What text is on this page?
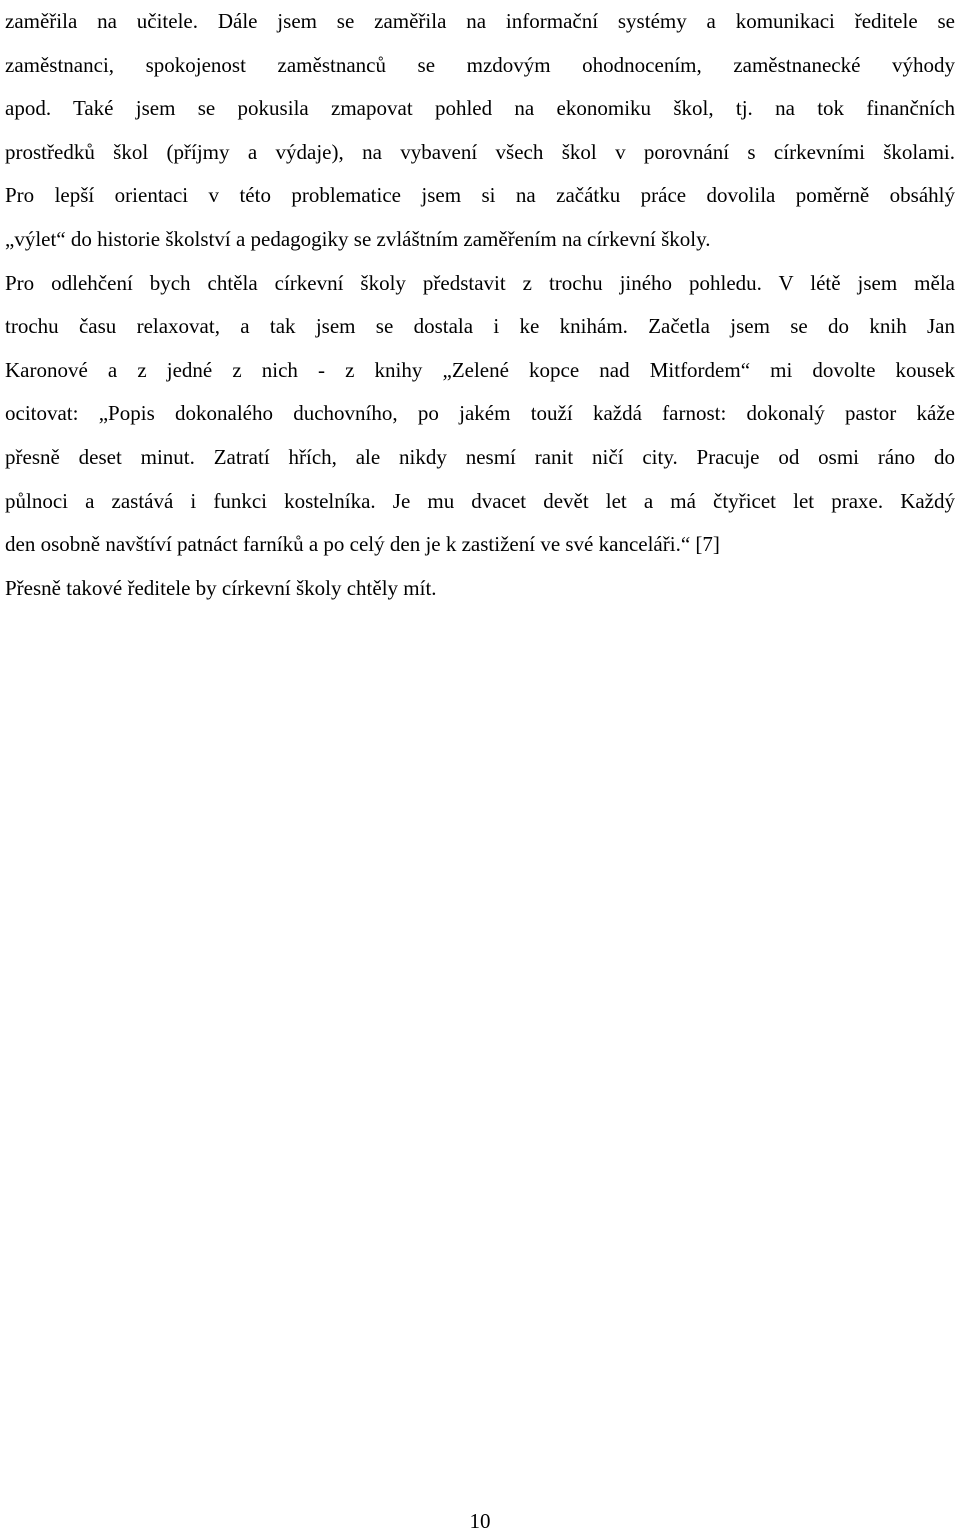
zaměřila na učitele. Dále jsem se zaměřila na informační systémy a komunikaci ředitele se
zaměstnanci, spokojenost zaměstnanců se mzdovým ohodnocením, zaměstnanecké výhody
apod. Také jsem se pokusila zmapovat pohled na ekonomiku škol, tj. na tok finančních
prostředků škol (příjmy a výdaje), na vybavení všech škol v porovnání s církevními školami.
Pro lepší orientaci v této problematice jsem si na začátku práce dovolila poměrně obsáhlý
„výlet“ do historie školství a pedagogiky se zvláštním zaměřením na církevní školy.
Pro odlehčení bych chtěla církevní školy představit z trochu jiného pohledu. V létě jsem měla
trochu času relaxovat, a tak jsem se dostala i ke knihám. Začetla jsem se do knih Jan
Karonové a z jedné z nich - z knihy „Zelené kopce nad Mitfordem“ mi dovolte kousek
ocitovat: „Popis dokonalého duchovního, po jakém touží každá farnost: dokonalý pastor káže
přesně deset minut. Zatratí hřích, ale nikdy nesmí ranit ničí city. Pracuje od osmi ráno do
půlnoci a zastává i funkci kostelníka. Je mu dvacet devět let a má čtyřicet let praxe. Každý
den osobně navštíví patnáct farníků a po celý den je k zastižení ve své kanceláři.“ [7]
Přesně takové ředitele by církevní školy chtěly mít.
10
